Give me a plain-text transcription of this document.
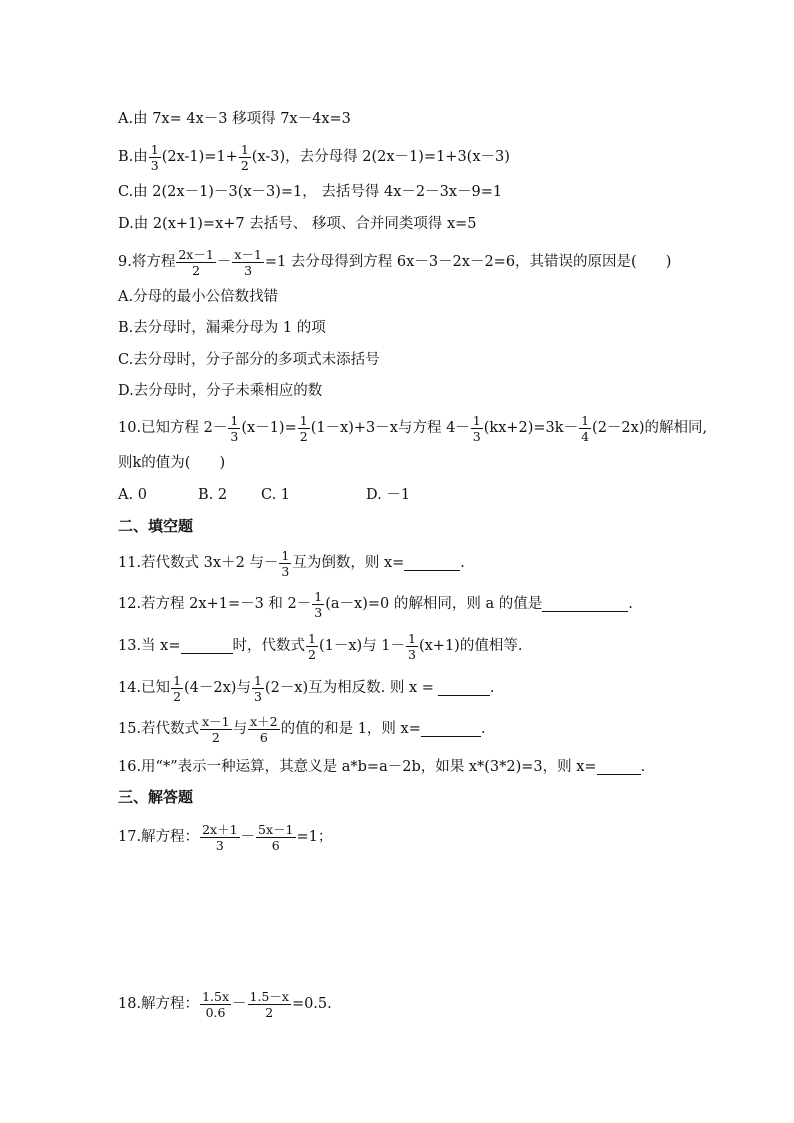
A.由 7x= 4x－3 移项得 7x－4x=3
B.由 $\frac{1}{3} (2x-1)=1+ \frac{1}{2} (x-3)$，去分母得 2(2x－1)=1+3(x－3)
C.由 2(2x－1)－3(x－3)=1， 去括号得 4x－2－3x－9=1
D.由 2(x+1)=x+7 去括号、 移项、合并同类项得 x=5
9.将方程 $\frac{2x-1}{2} - \frac{x-1}{3} =1$ 去分母得到方程 6x－3－2x－2=6，其错误的原因是(　　)
A.分母的最小公倍数找错
B.去分母时，漏乘分母为 1 的项
C.去分母时，分子部分的多项式未添括号
D.去分母时，分子未乘相应的数
10.已知方程 $2- \frac{1}{3} (x-1)= \frac{1}{2} (1-x)+3-x$与方程 $4- \frac{1}{3} (kx+2)=3k- \frac{1}{4} (2-2x)$的解相同,
则k的值为(　　)
A. 0	B. 2	C. 1	D. －1
二、填空题
11.若代数式 3x＋2 与－ $\frac{1}{3}$ 互为倒数，则 x=	.
12.若方程 2x+1=－3 和 $2- \frac{1}{3} (a-x)=0$ 的解相同，则 a 的值是	.
13.当 x=	时，代数式 $\frac{1}{2} (1-x)$与 $1- \frac{1}{3} (x+1)$的值相等.
14.已知 $\frac{1}{2} (4-2x)$与 $\frac{1}{3} (2-x)$互为相反数. 则 x =	.
15.若代数式 $\frac{x-1}{2}$ 与 $\frac{x+2}{6}$ 的值的和是 1，则 x=	.
16.用“*”表示一种运算，其意义是 a*b=a－2b，如果 x*(3*2)=3，则 x=	.
三、解答题
17.解方程： $\frac{2x+1}{3} - \frac{5x-1}{6} =1$；
18.解方程： $\frac{1.5x}{0.6} - \frac{1.5-x}{2} =0.5$.
